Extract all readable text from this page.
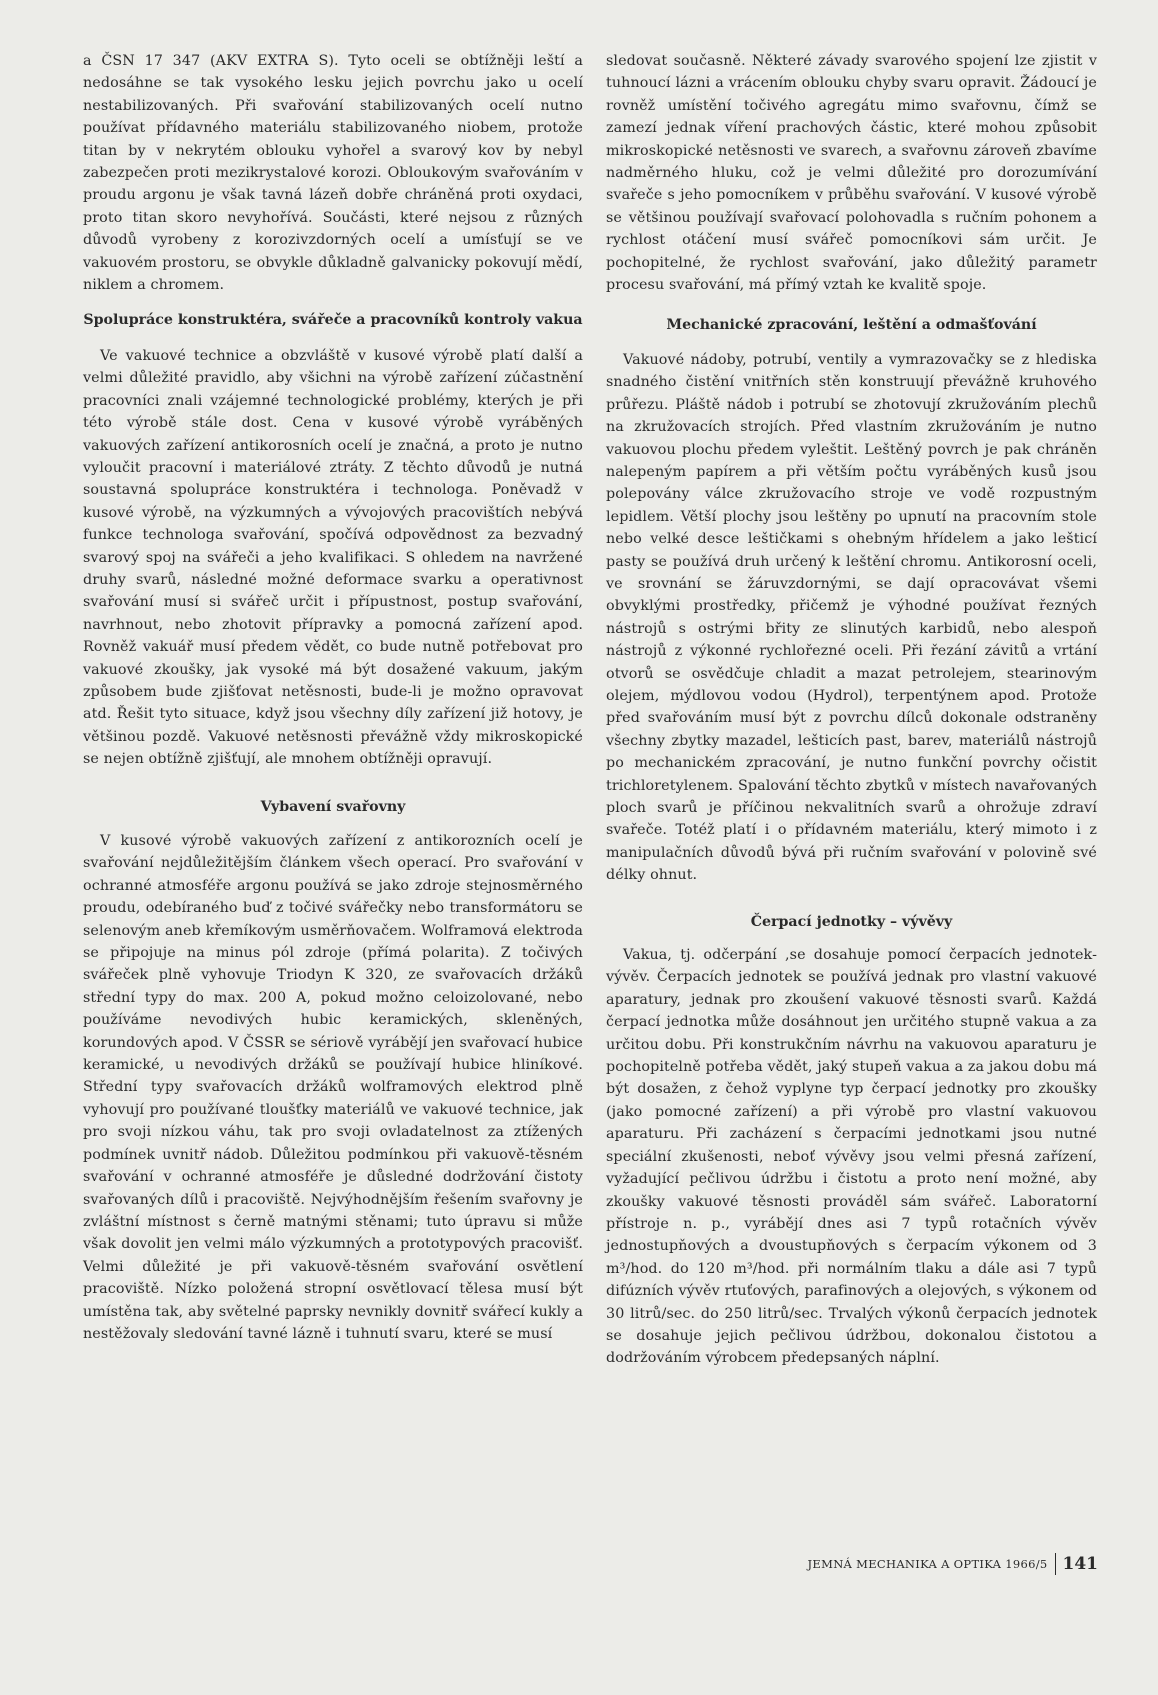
a ČSN 17 347 (AKV EXTRA S). Tyto oceli se obtížněji leští a nedosáhne se tak vysokého lesku jejich povrchu jako u ocelí nestabilizovaných. Při svařování stabilizovaných ocelí nutno používat přídavného materiálu stabilizovaného niobem, protože titan by v nekrytém oblouku vyhořel a svarový kov by nebyl zabezpečen proti mezikrystalové korozi. Obloukovým svařováním v proudu argonu je však tavná lázeň dobře chráněná proti oxydaci, proto titan skoro nevyhořívá. Součásti, které nejsou z různých důvodů vyrobeny z korozivzdorných ocelí a umísťují se ve vakuovém prostoru, se obvykle důkladně galvanicky pokovují mědí, niklem a chromem.

Spolupráce konstruktéra, svářeče a pracovníků kontroly vakua

Ve vakuové technice a obzvláště v kusové výrobě platí další a velmi důležité pravidlo, aby všichni na výrobě zařízení zúčastnění pracovníci znali vzájemné technologické problémy, kterých je při této výrobě stále dost. Cena v kusové výrobě vyráběných vakuových zařízení antikorosních ocelí je značná, a proto je nutno vyloučit pracovní i materiálové ztráty. Z těchto důvodů je nutná soustavná spolupráce konstruktéra i technologa. Poněvadž v kusové výrobě, na výzkumných a vývojových pracovištích nebývá funkce technologa svařování, spočívá odpovědnost za bezvadný svarový spoj na svářeči a jeho kvalifikaci. S ohledem na navržené druhy svarů, následné možné deformace svarku a operativnost svařování musí si svářeč určit i přípustnost, postup svařování, navrhnout, nebo zhotovit přípravky a pomocná zařízení apod. Rovněž vakuář musí předem vědět, co bude nutně potřebovat pro vakuové zkoušky, jak vysoké má být dosažené vakuum, jakým způsobem bude zjišťovat netěsnosti, bude-li je možno opravovat atd. Řešit tyto situace, když jsou všechny díly zařízení již hotovy, je většinou pozdě. Vakuové netěsnosti převážně vždy mikroskopické se nejen obtížně zjišťují, ale mnohem obtížněji opravují.

Vybavení svařovny

V kusové výrobě vakuových zařízení z antikorozních ocelí je svařování nejdůležitějším článkem všech operací. Pro svařování v ochranné atmosféře argonu používá se jako zdroje stejnosměrného proudu, odebíraného buď z točivé svářečky nebo transformátoru se selenovým aneb křemíkovým usměrňovačem. Wolframová elektroda se připojuje na minus pól zdroje (přímá polarita). Z točivých svářeček plně vyhovuje Triodyn K 320, ze svařovacích držáků střední typy do max. 200 A, pokud možno celoizolované, nebo používáme nevodivých hubic keramických, skleněných, korundových apod. V ČSSR se sériově vyrábějí jen svařovací hubice keramické, u nevodivých držáků se používají hubice hliníkové. Střední typy svařovacích držáků wolframových elektrod plně vyhovují pro používané tloušťky materiálů ve vakuové technice, jak pro svoji nízkou váhu, tak pro svoji ovladatelnost za ztížených podmínek uvnitř nádob. Důležitou podmínkou při vakuově-těsném svařování v ochranné atmosféře je důsledné dodržování čistoty svařovaných dílů i pracoviště. Nejvýhodnějším řešením svařovny je zvláštní místnost s černě matnými stěnami; tuto úpravu si může však dovolit jen velmi málo výzkumných a prototypových pracovišť. Velmi důležité je při vakuově-těsném svařování osvětlení pracoviště. Nízko položená stropní osvětlovací tělesa musí být umístěna tak, aby světelné paprsky nevnikly dovnitř svářecí kukly a nestěžovaly sledování tavné lázně i tuhnutí svaru, které se musí

sledovat současně. Některé závady svarového spojení lze zjistit v tuhnoucí lázni a vrácením oblouku chyby svaru opravit. Žádoucí je rovněž umístění točivého agregátu mimo svařovnu, čímž se zamezí jednak víření prachových částic, které mohou způsobit mikroskopické netěsnosti ve svarech, a svařovnu zároveň zbavíme nadměrného hluku, což je velmi důležité pro dorozumívání svařeče s jeho pomocníkem v průběhu svařování. V kusové výrobě se většinou používají svařovací polohovadla s ručním pohonem a rychlost otáčení musí svářeč pomocníkovi sám určit. Je pochopitelné, že rychlost svařování, jako důležitý parametr procesu svařování, má přímý vztah ke kvalitě spoje.

Mechanické zpracování, leštění a odmašťování

Vakuové nádoby, potrubí, ventily a vymrazovačky se z hlediska snadného čistění vnitřních stěn konstruují převážně kruhového průřezu. Pláště nádob i potrubí se zhotovují zkružováním plechů na zkružovacích strojích. Před vlastním zkružováním je nutno vakuovou plochu předem vyleštit. Leštěný povrch je pak chráněn nalepeným papírem a při větším počtu vyráběných kusů jsou polepovány válce zkružovacího stroje ve vodě rozpustným lepidlem. Větší plochy jsou leštěny po upnutí na pracovním stole nebo velké desce leštičkami s ohebným hřídelem a jako lešticí pasty se používá druh určený k leštění chromu. Antikorosní oceli, ve srovnání se žáruvzdornými, se dají opracovávat všemi obvyklými prostředky, přičemž je výhodné používat řezných nástrojů s ostrými břity ze slinutých karbidů, nebo alespoň nástrojů z výkonné rychlořezné oceli. Při řezání závitů a vrtání otvorů se osvědčuje chladit a mazat petrolejem, stearinovým olejem, mýdlovou vodou (Hydrol), terpentýnem apod. Protože před svařováním musí být z povrchu dílců dokonale odstraněny všechny zbytky mazadel, lešticích past, barev, materiálů nástrojů po mechanickém zpracování, je nutno funkční povrchy očistit trichloretylenem. Spalování těchto zbytků v místech navařovaných ploch svarů je příčinou nekvalitních svarů a ohrožuje zdraví svařeče. Totéž platí i o přídavném materiálu, který mimoto i z manipulačních důvodů bývá při ručním svařování v polovině své délky ohnut.

Čerpací jednotky – vývěvy

Vakua, tj. odčerpání ,se dosahuje pomocí čerpacích jednotek-vývěv. Čerpacích jednotek se používá jednak pro vlastní vakuové aparatury, jednak pro zkoušení vakuové těsnosti svarů. Každá čerpací jednotka může dosáhnout jen určitého stupně vakua a za určitou dobu. Při konstrukčním návrhu na vakuovou aparaturu je pochopitelně potřeba vědět, jaký stupeň vakua a za jakou dobu má být dosažen, z čehož vyplyne typ čerpací jednotky pro zkoušky (jako pomocné zařízení) a při výrobě pro vlastní vakuovou aparaturu. Při zacházení s čerpacími jednotkami jsou nutné speciální zkušenosti, neboť vývěvy jsou velmi přesná zařízení, vyžadující pečlivou údržbu i čistotu a proto není možné, aby zkoušky vakuové těsnosti prováděl sám svářeč. Laboratorní přístroje n. p., vyrábějí dnes asi 7 typů rotačních vývěv jednostupňových a dvoustupňových s čerpacím výkonem od 3 m³/hod. do 120 m³/hod. při normálním tlaku a dále asi 7 typů difúzních vývěv rtuťových, parafinových a olejových, s výkonem od 30 litrů/sec. do 250 litrů/sec. Trvalých výkonů čerpacích jednotek se dosahuje jejich pečlivou údržbou, dokonalou čistotou a dodržováním výrobcem předepsaných náplní.

JEMNÁ MECHANIKA A OPTIKA 1966/5 141
